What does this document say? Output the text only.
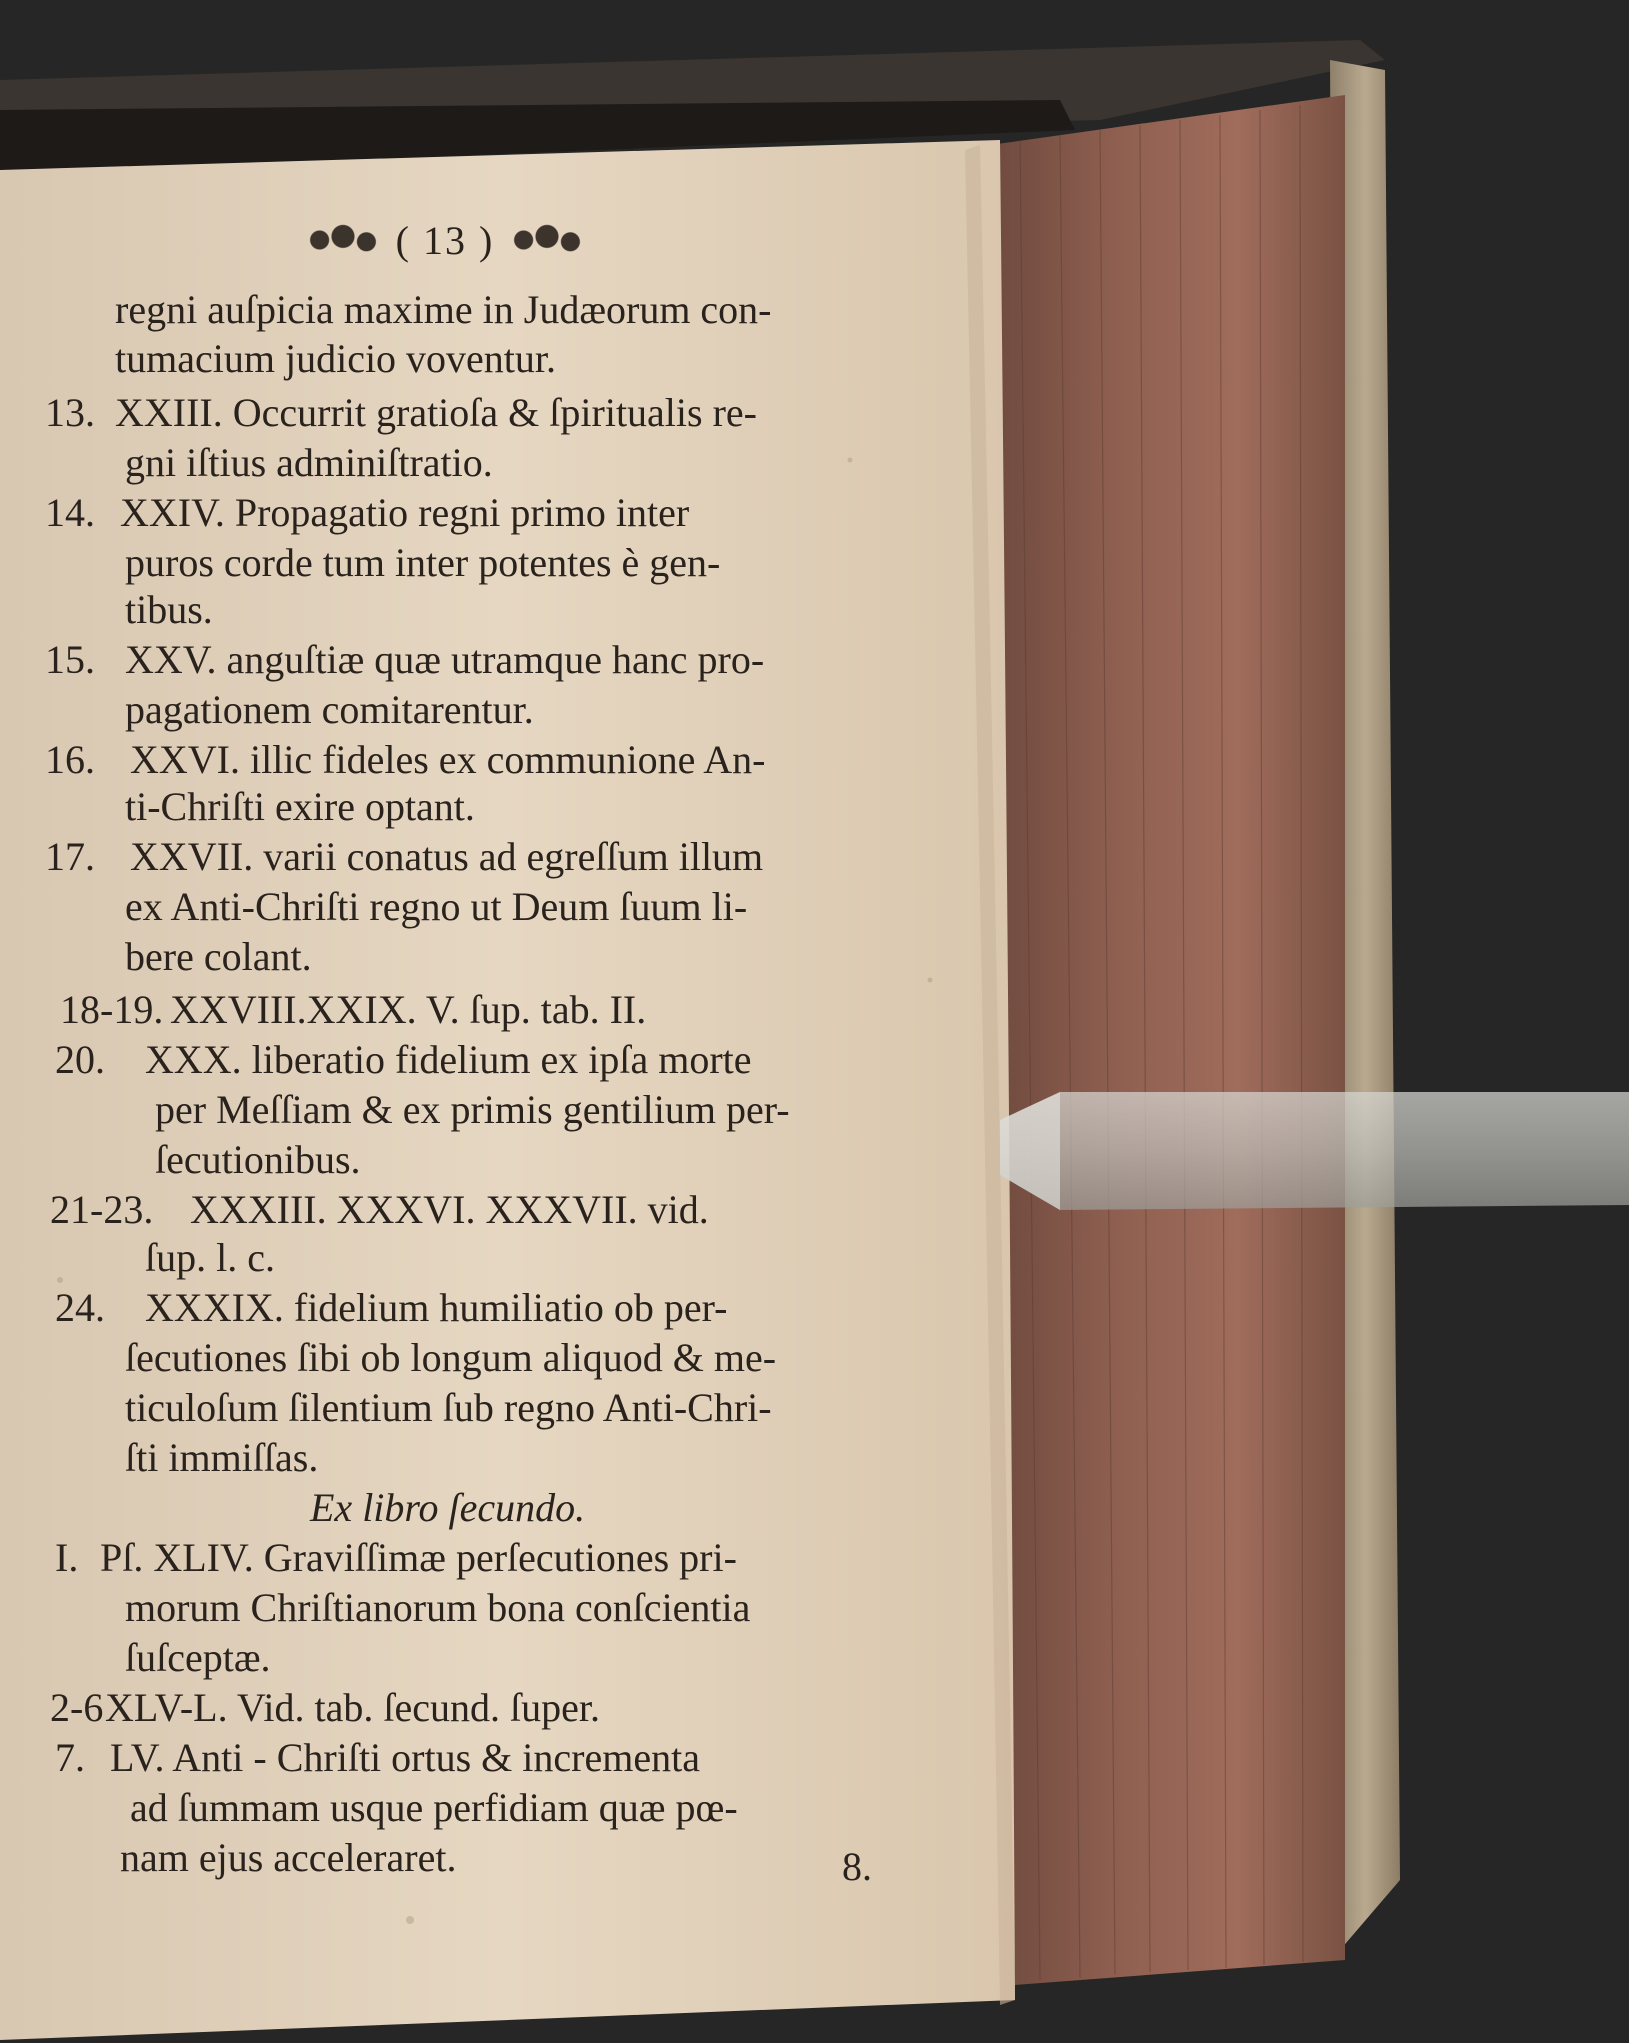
( 13 )
regni auſpicia maxime in Judæorum con-
tumacium judicio voventur.
13. XXIII. Occurrit gratioſa & ſpiritualis re-
gni iſtius adminiſtratio.
14. XXIV. Propagatio regni primo inter
puros corde tum inter potentes è gen-
tibus.
15. XXV. anguſtiæ quæ utramque hanc pro-
pagationem comitarentur.
16. XXVI. illic fideles ex communione An-
ti-Chriſti exire optant.
17. XXVII. varii conatus ad egreſſum illum
ex Anti-Chriſti regno ut Deum ſuum li-
bere colant.
18-19. XXVIII.XXIX. V. ſup. tab. II.
20. XXX. liberatio fidelium ex ipſa morte
per Meſſiam & ex primis gentilium per-
ſecutionibus.
21-23. XXXIII. XXXVI. XXXVII. vid.
ſup. l. c.
24. XXXIX. fidelium humiliatio ob per-
ſecutiones ſibi ob longum aliquod & me-
ticuloſum ſilentium ſub regno Anti-Chri-
ſti immiſſas.
Ex libro ſecundo.
I. Pſ. XLIV. Graviſſimæ perſecutiones pri-
morum Chriſtianorum bona conſcientia
ſuſceptæ.
2-6 XLV-L. Vid. tab. ſecund. ſuper.
7. LV. Anti - Chriſti ortus & incrementa
ad ſummam usque perfidiam quæ pœ-
nam ejus acceleraret.	8.
